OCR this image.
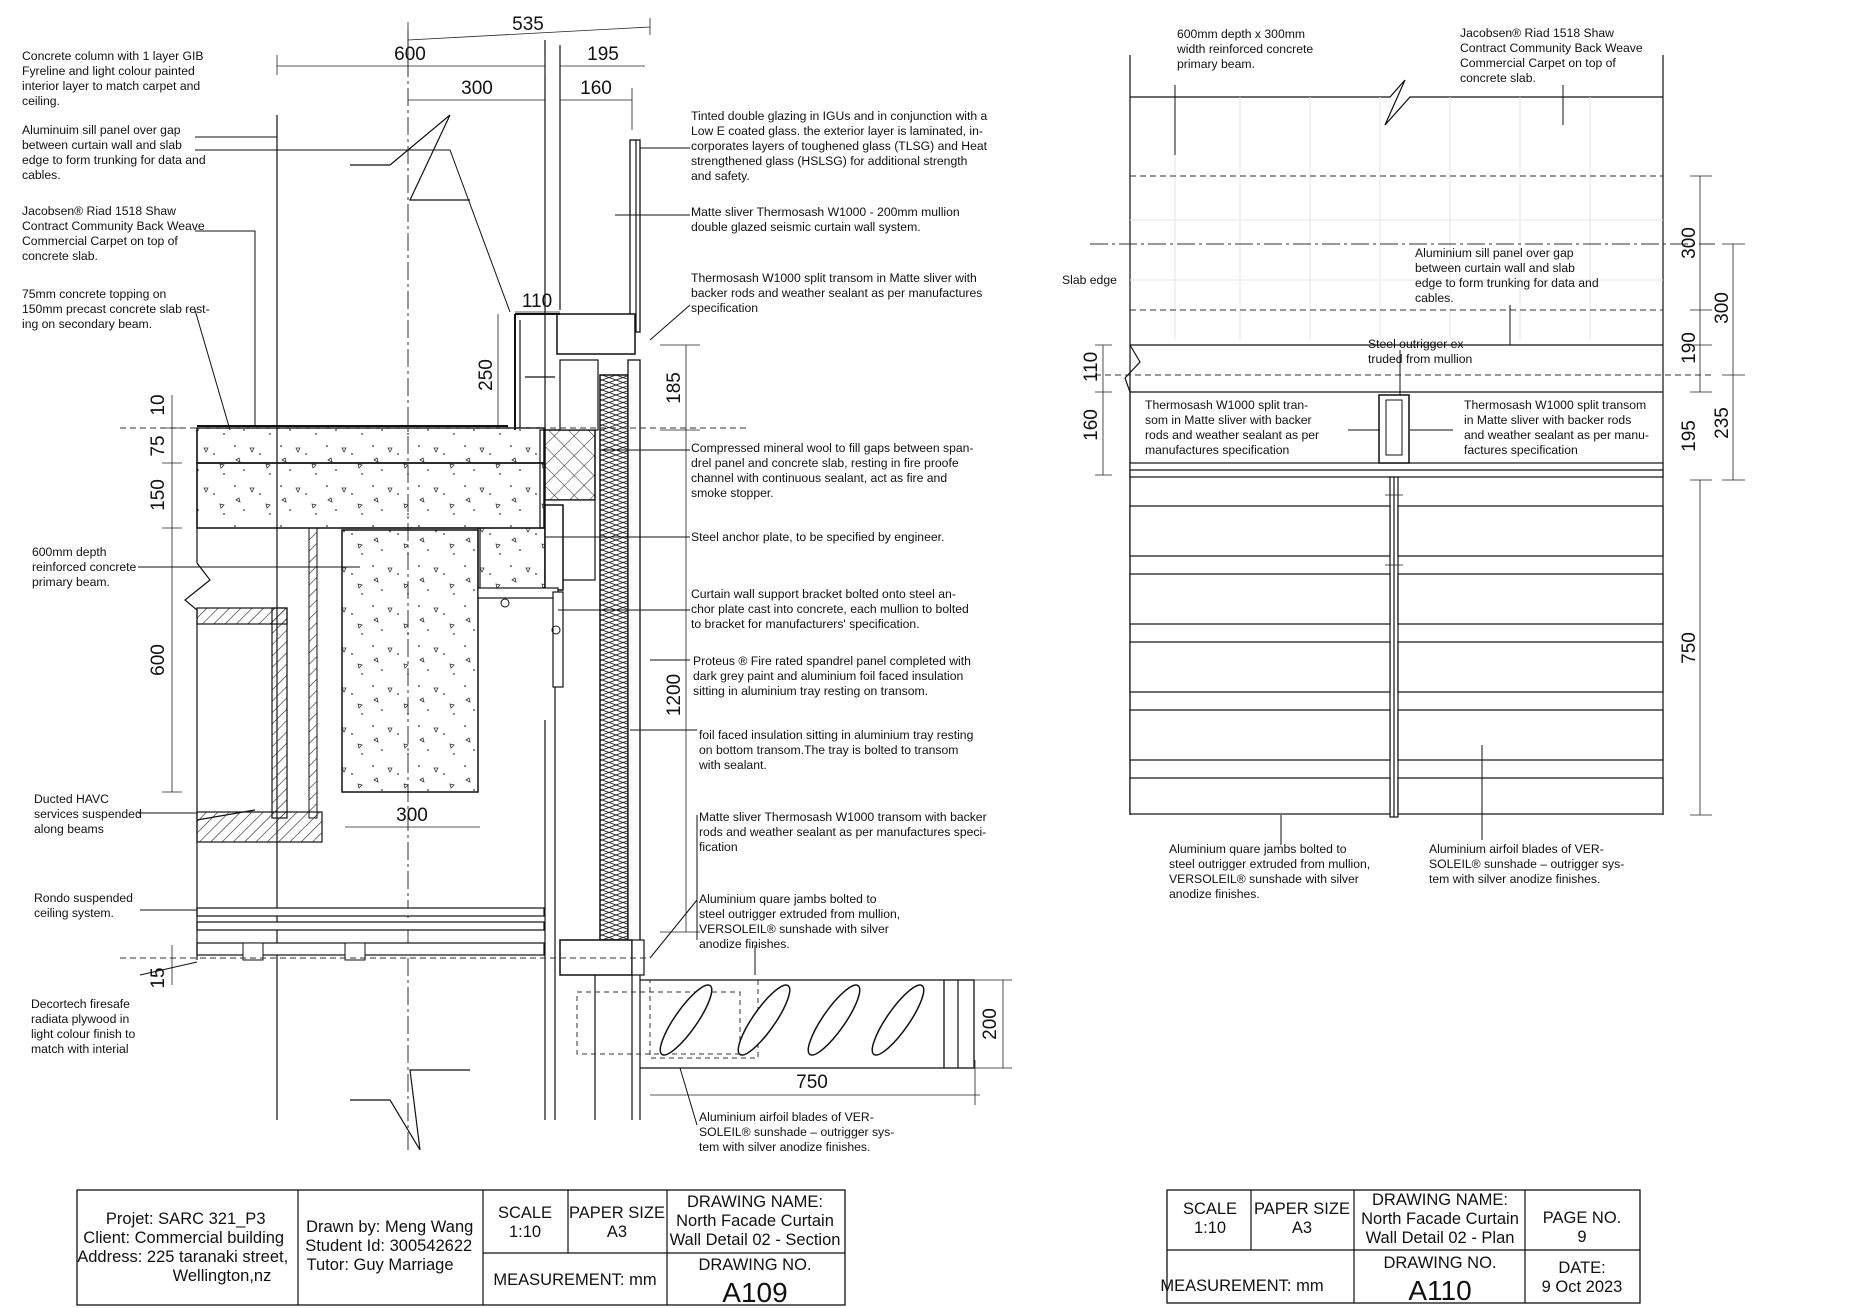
535
600	195
300	160
110
250	185
1200
10
75
150
600
300
15
200
750
Concrete column with 1 layer GIB Fyreline and light colour painted interior layer to match carpet and ceiling.
Aluminuim sill panel over gap between curtain wall and slab edge to form trunking for data and cables.
Jacobsen® Riad 1518 Shaw Contract Community Back Weave Commercial Carpet on top of concrete slab.
75mm concrete topping on 150mm precast concrete slab rest- ing on secondary beam.
600mm depth reinforced concrete primary beam.
Ducted HAVC services suspended along beams
Rondo suspended ceiling system.
Decortech firesafe radiata plywood in light colour finish to match with interial
Tinted double glazing in IGUs and in conjunction with a Low E coated glass. the exterior layer is laminated, in- corporates layers of toughened glass (TLSG) and Heat strengthened glass (HSLSG) for additional strength and safety.
Matte sliver Thermosash W1000 - 200mm mullion double glazed seismic curtain wall system.
Thermosash W1000 split transom in Matte sliver with backer rods and weather sealant as per manufactures specification
Compressed mineral wool to fill gaps between span- drel panel and concrete slab, resting in fire proofe channel with continuous sealant, act as fire and smoke stopper.
Steel anchor plate, to be specified by engineer.
Curtain wall support bracket bolted onto steel an- chor plate cast into concrete, each mullion to bolted to bracket for manufacturers' specification.
Proteus ® Fire rated spandrel panel completed with dark grey paint and aluminium foil faced insulation sitting in aluminium tray resting on transom.
foil faced insulation sitting in aluminium tray resting on bottom transom.The tray is bolted to transom with sealant.
Matte sliver Thermosash W1000 transom with backer rods and weather sealant as per manufactures speci- fication
Aluminium quare jambs bolted to steel outrigger extruded from mullion, VERSOLEIL® sunshade with silver anodize finishes.
Aluminium airfoil blades of VER- SOLEIL® sunshade – outrigger sys- tem with silver anodize finishes.
300
190
195
750
300
235
110
160
600mm depth x 300mm width reinforced concrete primary beam.
Jacobsen® Riad 1518 Shaw Contract Community Back Weave Commercial Carpet on top of concrete slab.
Slab edge
Aluminium sill panel over gap between curtain wall and slab edge to form trunking for data and cables.
Steel outrigger ex- truded from mullion
Thermosash W1000 split tran- som in Matte sliver with backer rods and weather sealant as per manufactures specification
Thermosash W1000 split transom in Matte sliver with backer rods and weather sealant as per manu- factures specification
Aluminium quare jambs bolted to steel outrigger extruded from mullion, VERSOLEIL® sunshade with silver anodize finishes.
Aluminium airfoil blades of VER- SOLEIL® sunshade – outrigger sys- tem with silver anodize finishes.
Projet: SARC 321_P3 Client: Commercial building Address: 225 taranaki street, Wellington,nz
Drawn by: Meng Wang Student Id: 300542622 Tutor: Guy Marriage
SCALE
1:10
PAPER SIZE
A3
MEASUREMENT: mm
DRAWING NAME:
North Facade Curtain
Wall Detail 02 - Section
DRAWING NO.
A109
SCALE
1:10
PAPER SIZE
A3
DRAWING NAME:
North Facade Curtain
Wall Detail 02 - Plan
PAGE NO.
9
MEASUREMENT: mm
DRAWING NO.
A110
DATE:
9 Oct 2023
